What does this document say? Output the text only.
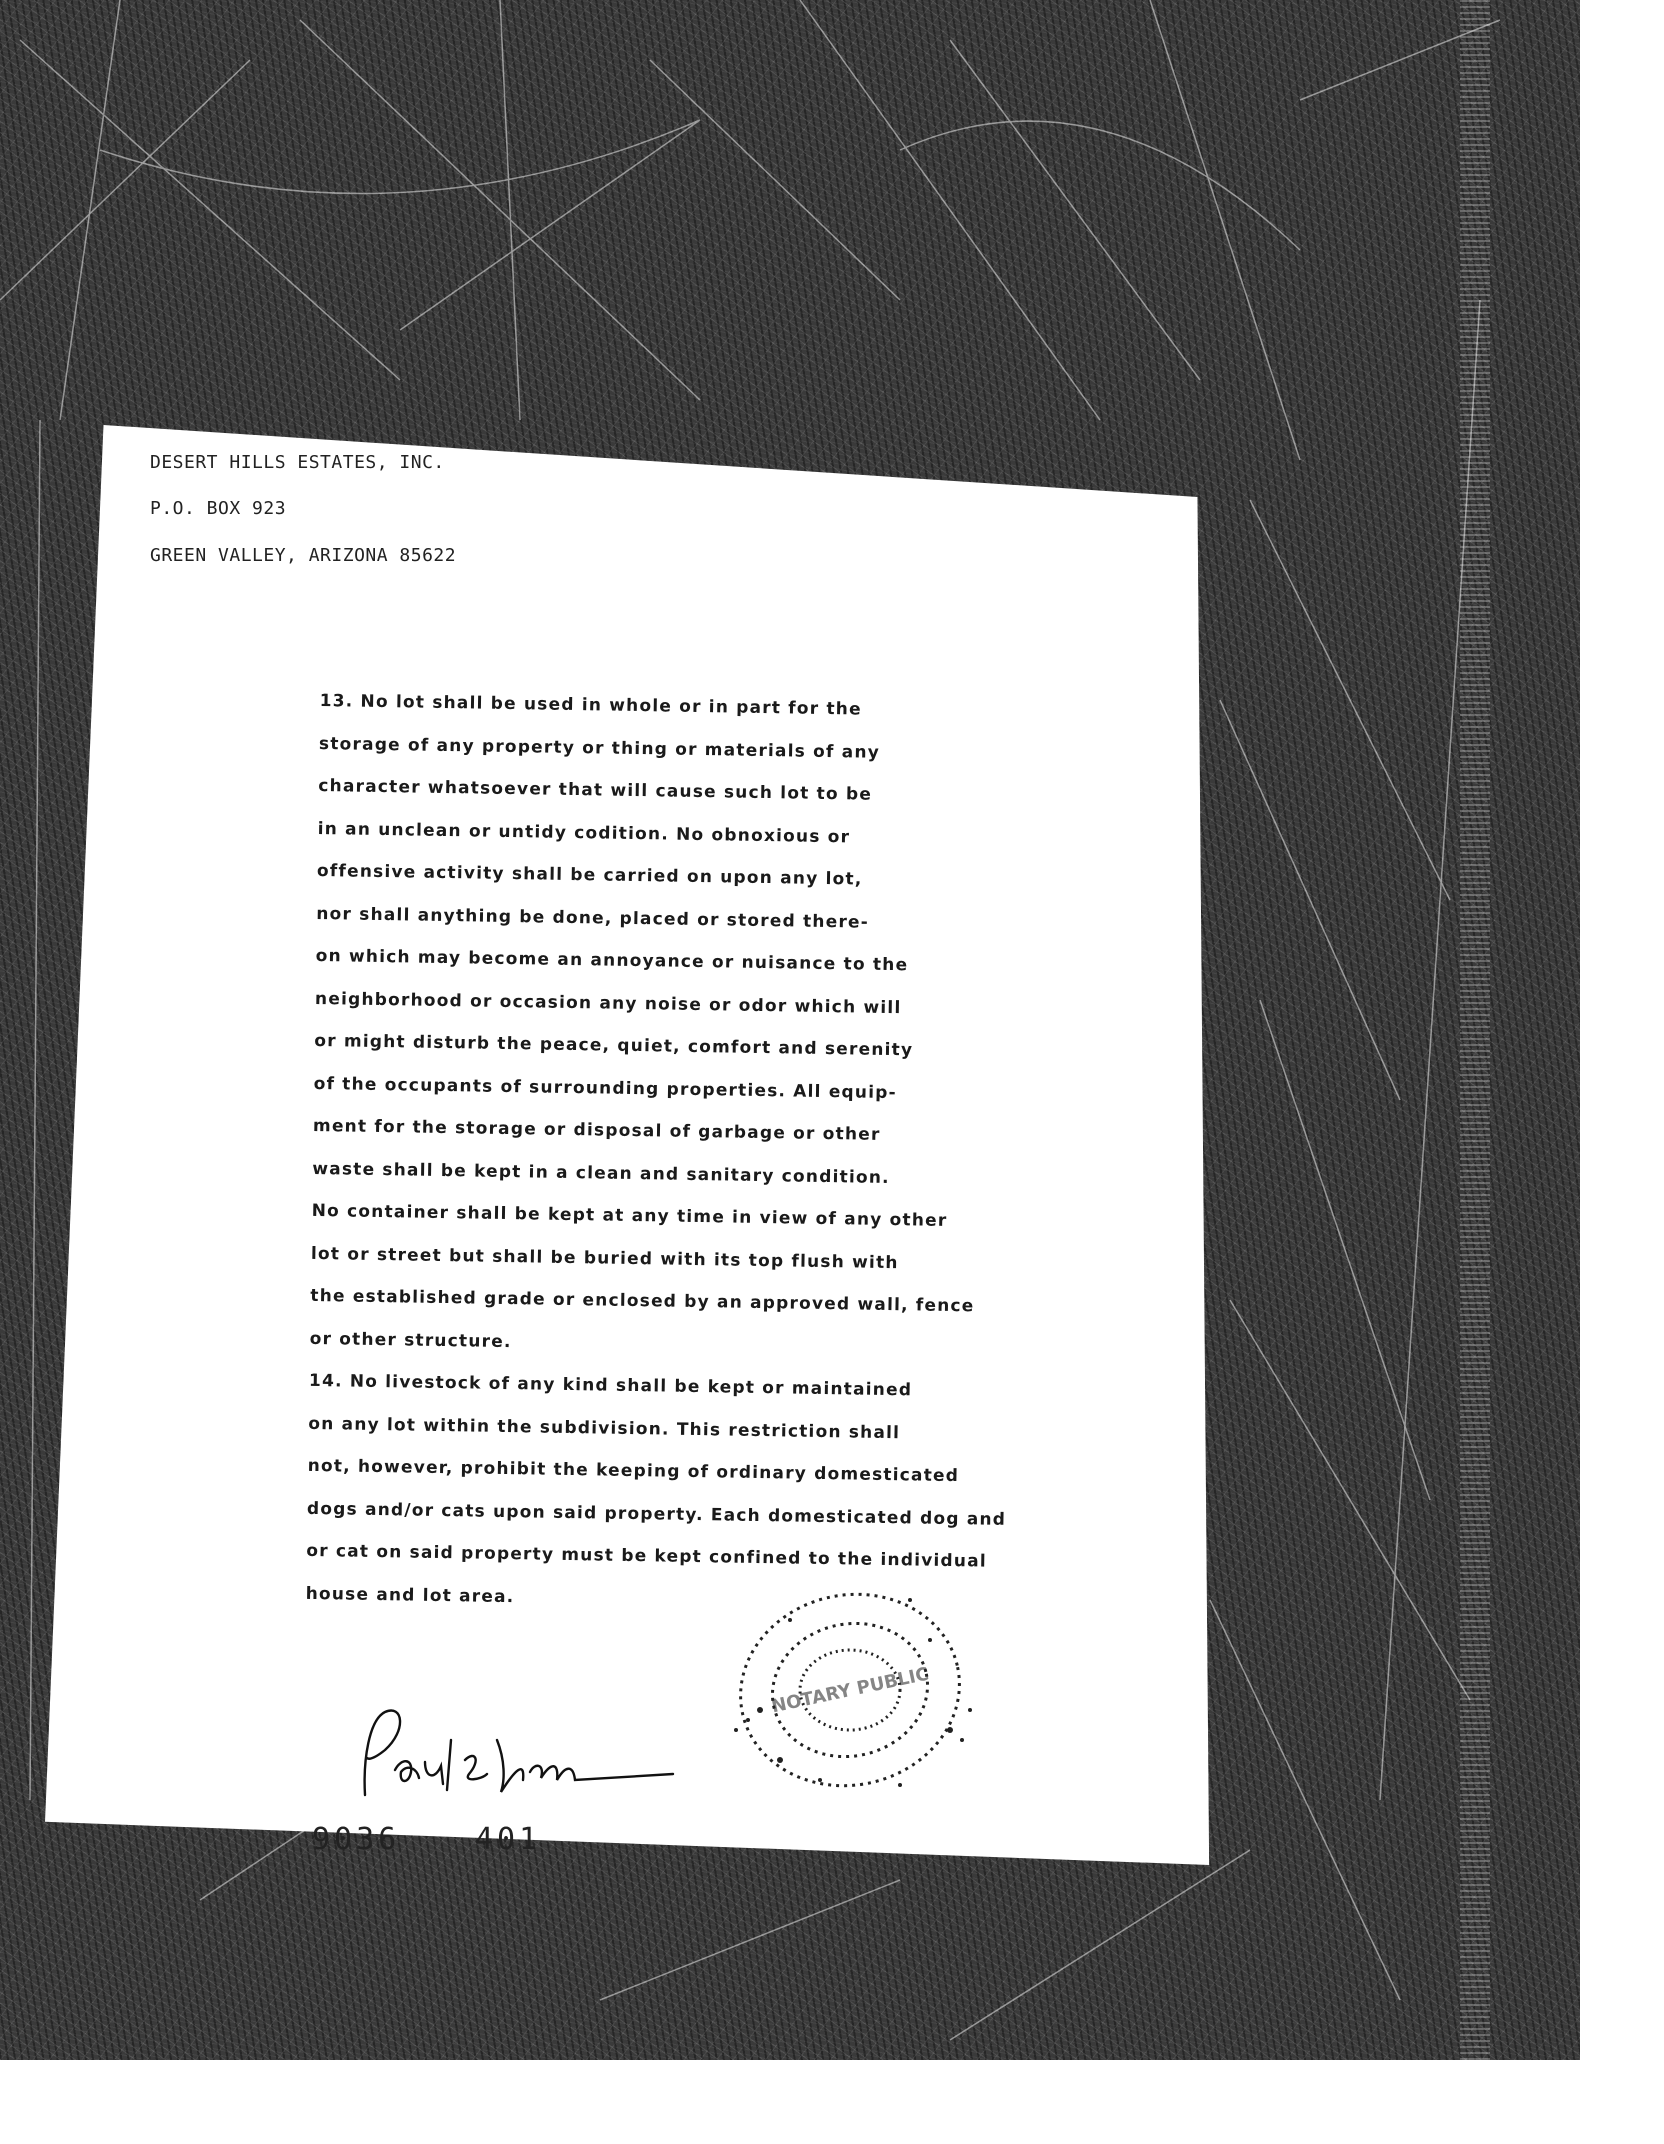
DESERT HILLS ESTATES, INC.
P.O. BOX 923
GREEN VALLEY, ARIZONA 85622
13. No lot shall be used in whole or in part for the
storage of any property or thing or materials of any
character whatsoever that will cause such lot to be
in an unclean or untidy codition. No obnoxious or
offensive activity shall be carried on upon any lot,
nor shall anything be done, placed or stored there-
on which may become an annoyance or nuisance to the
neighborhood or occasion any noise or odor which will
or might disturb the peace, quiet, comfort and serenity
of the occupants of surrounding properties. All equip-
ment for the storage or disposal of garbage or other
waste shall be kept in a clean and sanitary condition.
No container shall be kept at any time in view of any other
lot or street but shall be buried with its top flush with
the established grade or enclosed by an approved wall, fence
or other structure.
14. No livestock of any kind shall be kept or maintained
on any lot within the subdivision. This restriction shall
not, however, prohibit the keeping of ordinary domesticated
dogs and/or cats upon said property. Each domesticated dog and
or cat on said property must be kept confined to the individual
house and lot area.
9036 401
NOTARY PUBLIC
